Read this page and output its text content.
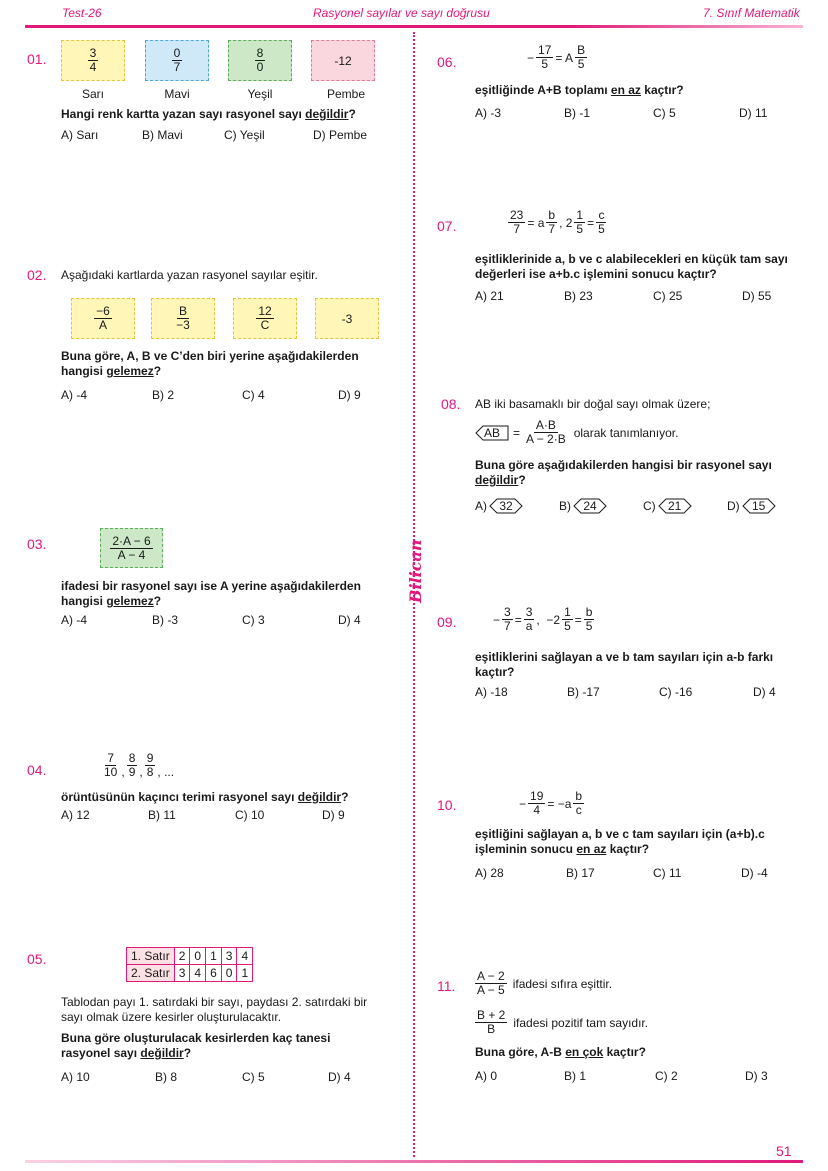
Test-26	Rasyonel sayılar ve sayı doğrusu	7. Sınıf Matematik
Bilican
01.	$\frac{3}{4}$	$\frac{0}{7}$	$\frac{8}{0}$	-12
Sarı	Mavi	Yeşil	Pembe
Hangi renk kartta yazan sayı rasyonel sayı değildir?
A) Sarı	B) Mavi	C) Yeşil	D) Pembe
02. Aşağıdaki kartlarda yazan rasyonel sayılar eşitir.
$\frac{-6}{A}$	$\frac{B}{-3}$	$\frac{12}{C}$	-3
Buna göre, A, B ve C’den biri yerine aşağıdakilerden hangisi gelemez?
A) -4	B) 2	C) 4	D) 9
03.	$\frac{2\cdot A - 6}{A - 4}$
ifadesi bir rasyonel sayı ise A yerine aşağıdakilerden hangisi gelemez?
A) -4	B) -3	C) 3	D) 4
04.	$\frac{7}{10}$ , $\frac{8}{9}$ , $\frac{9}{8}$ , ...
örüntüsünün kaçıncı terimi rasyonel sayı değildir?
A) 12	B) 11	C) 10	D) 9
05.	1. Satır	2	0	1	3	4
2. Satır	3	4	6	0	1
Tablodan payı 1. satırdaki bir sayı, paydası 2. satırdaki bir sayı olmak üzere kesirler oluşturulacaktır.
Buna göre oluşturulacak kesirlerden kaç tanesi rasyonel sayı değildir?
A) 10	B) 8	C) 5	D) 4
06.	− $\frac{17}{5} = A \frac{B}{5}$
eşitliğinde A+B toplamı en az kaçtır?
A) -3	B) -1	C) 5	D) 11
07.	$\frac{23}{7} = a \frac{b}{7}$ , $2 \frac{1}{5} = \frac{c}{5}$
eşitliklerinide a, b ve c alabilecekleri en küçük tam sayı değerleri ise a+b.c işlemini sonucu kaçtır?
A) 21	B) 23	C) 25	D) 55
08. AB iki basamaklı bir doğal sayı olmak üzere;
AB	= $\frac{A\cdot B}{A - 2\cdot B}$ olarak tanımlanıyor.
Buna göre aşağıdakilerden hangisi bir rasyonel sayı değildir?
A)	32	B)	24	C)	21	D)	15
09.	− $\frac{3}{7} = \frac{3}{a}$ ,  $-2 \frac{1}{5} = \frac{b}{5}$
eşitliklerini sağlayan a ve b tam sayıları için a-b farkı kaçtır?
A) -18	B) -17	C) -16	D) 4
10.	− $\frac{19}{4} = -a \frac{b}{c}$
eşitliğini sağlayan a, b ve c tam sayıları için (a+b).c işleminin sonucu en az kaçtır?
A) 28	B) 17	C) 11	D) -4
11. $\frac{A - 2}{A - 5}$ ifadesi sıfıra eşittir.
$\frac{B + 2}{B}$ ifadesi pozitif tam sayıdır.
Buna göre, A-B en çok kaçtır?
A) 0	B) 1	C) 2	D) 3
51
